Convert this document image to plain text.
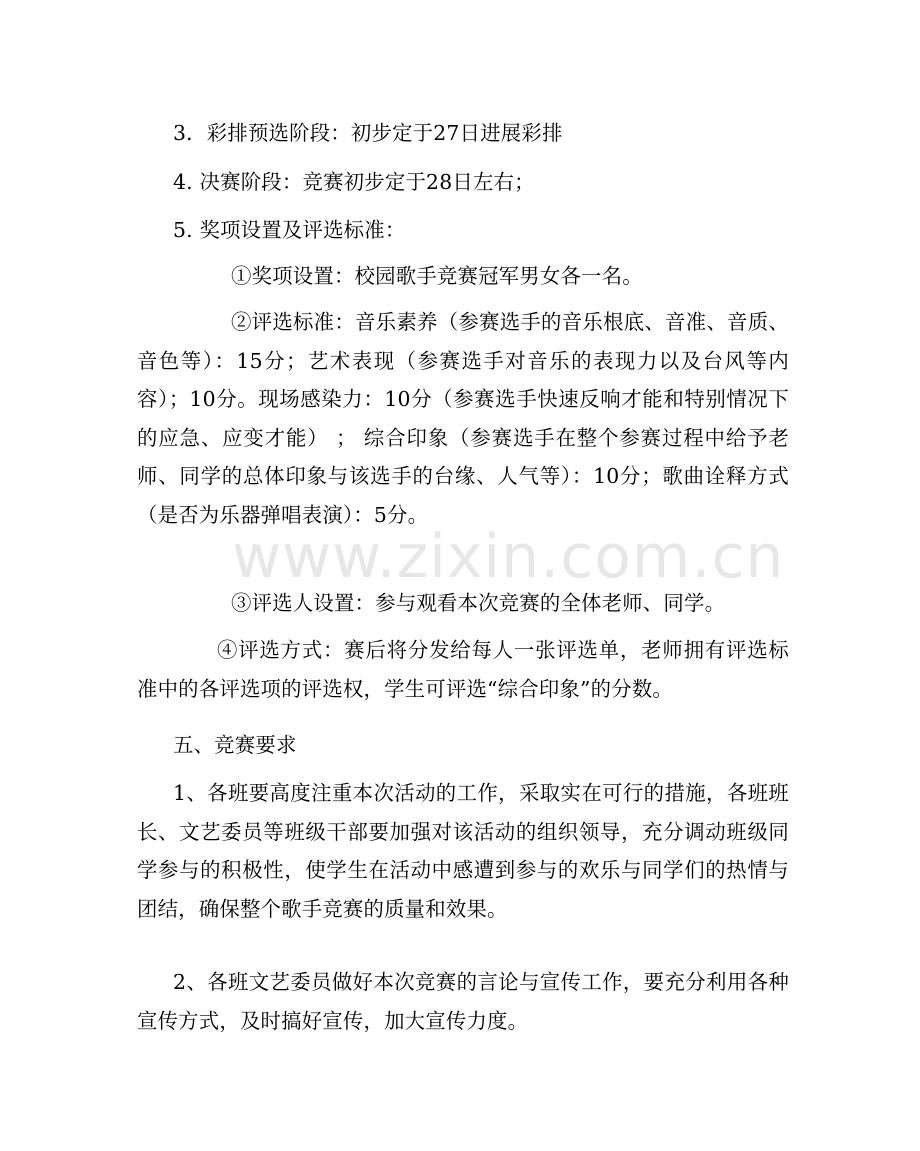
3．彩排预选阶段：初步定于27日进展彩排

4. 决赛阶段：竞赛初步定于28日左右；

5. 奖项设置及评选标准：

①奖项设置：校园歌手竞赛冠军男女各一名。

②评选标准：音乐素养（参赛选手的音乐根底、音准、音质、音色等）：15分；艺术表现（参赛选手对音乐的表现力以及台风等内容）；10分。现场感染力：10分（参赛选手快速反响才能和特别情况下的应急、应变才能） ； 综合印象（参赛选手在整个参赛过程中给予老师、同学的总体印象与该选手的台缘、人气等）：10分；歌曲诠释方式（是否为乐器弹唱表演）：5分。

③评选人设置：参与观看本次竞赛的全体老师、同学。

④评选方式：赛后将分发给每人一张评选单，老师拥有评选标准中的各评选项的评选权，学生可评选“综合印象”的分数。

五、竞赛要求

1、各班要高度注重本次活动的工作，采取实在可行的措施，各班班长、文艺委员等班级干部要加强对该活动的组织领导，充分调动班级同学参与的积极性，使学生在活动中感遭到参与的欢乐与同学们的热情与团结，确保整个歌手竞赛的质量和效果。

2、各班文艺委员做好本次竞赛的言论与宣传工作，要充分利用各种宣传方式，及时搞好宣传，加大宣传力度。

www.zixin.com.cn
